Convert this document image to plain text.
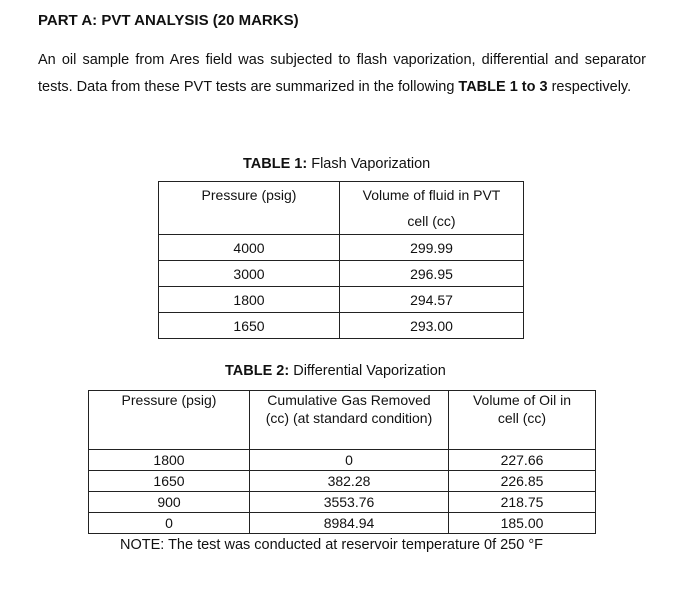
PART A: PVT ANALYSIS (20 MARKS)
An oil sample from Ares field was subjected to flash vaporization, differential and separator tests. Data from these PVT tests are summarized in the following TABLE 1 to 3 respectively.
TABLE 1: Flash Vaporization
Pressure (psig)	Volume of fluid in PVT cell (cc)
4000	299.99
3000	296.95
1800	294.57
1650	293.00
TABLE 2: Differential Vaporization
Pressure (psig)	Cumulative Gas Removed (cc) (at standard condition)	Volume of Oil in cell (cc)
1800	0	227.66
1650	382.28	226.85
900	3553.76	218.75
0	8984.94	185.00
NOTE: The test was conducted at reservoir temperature 0f 250 °F
